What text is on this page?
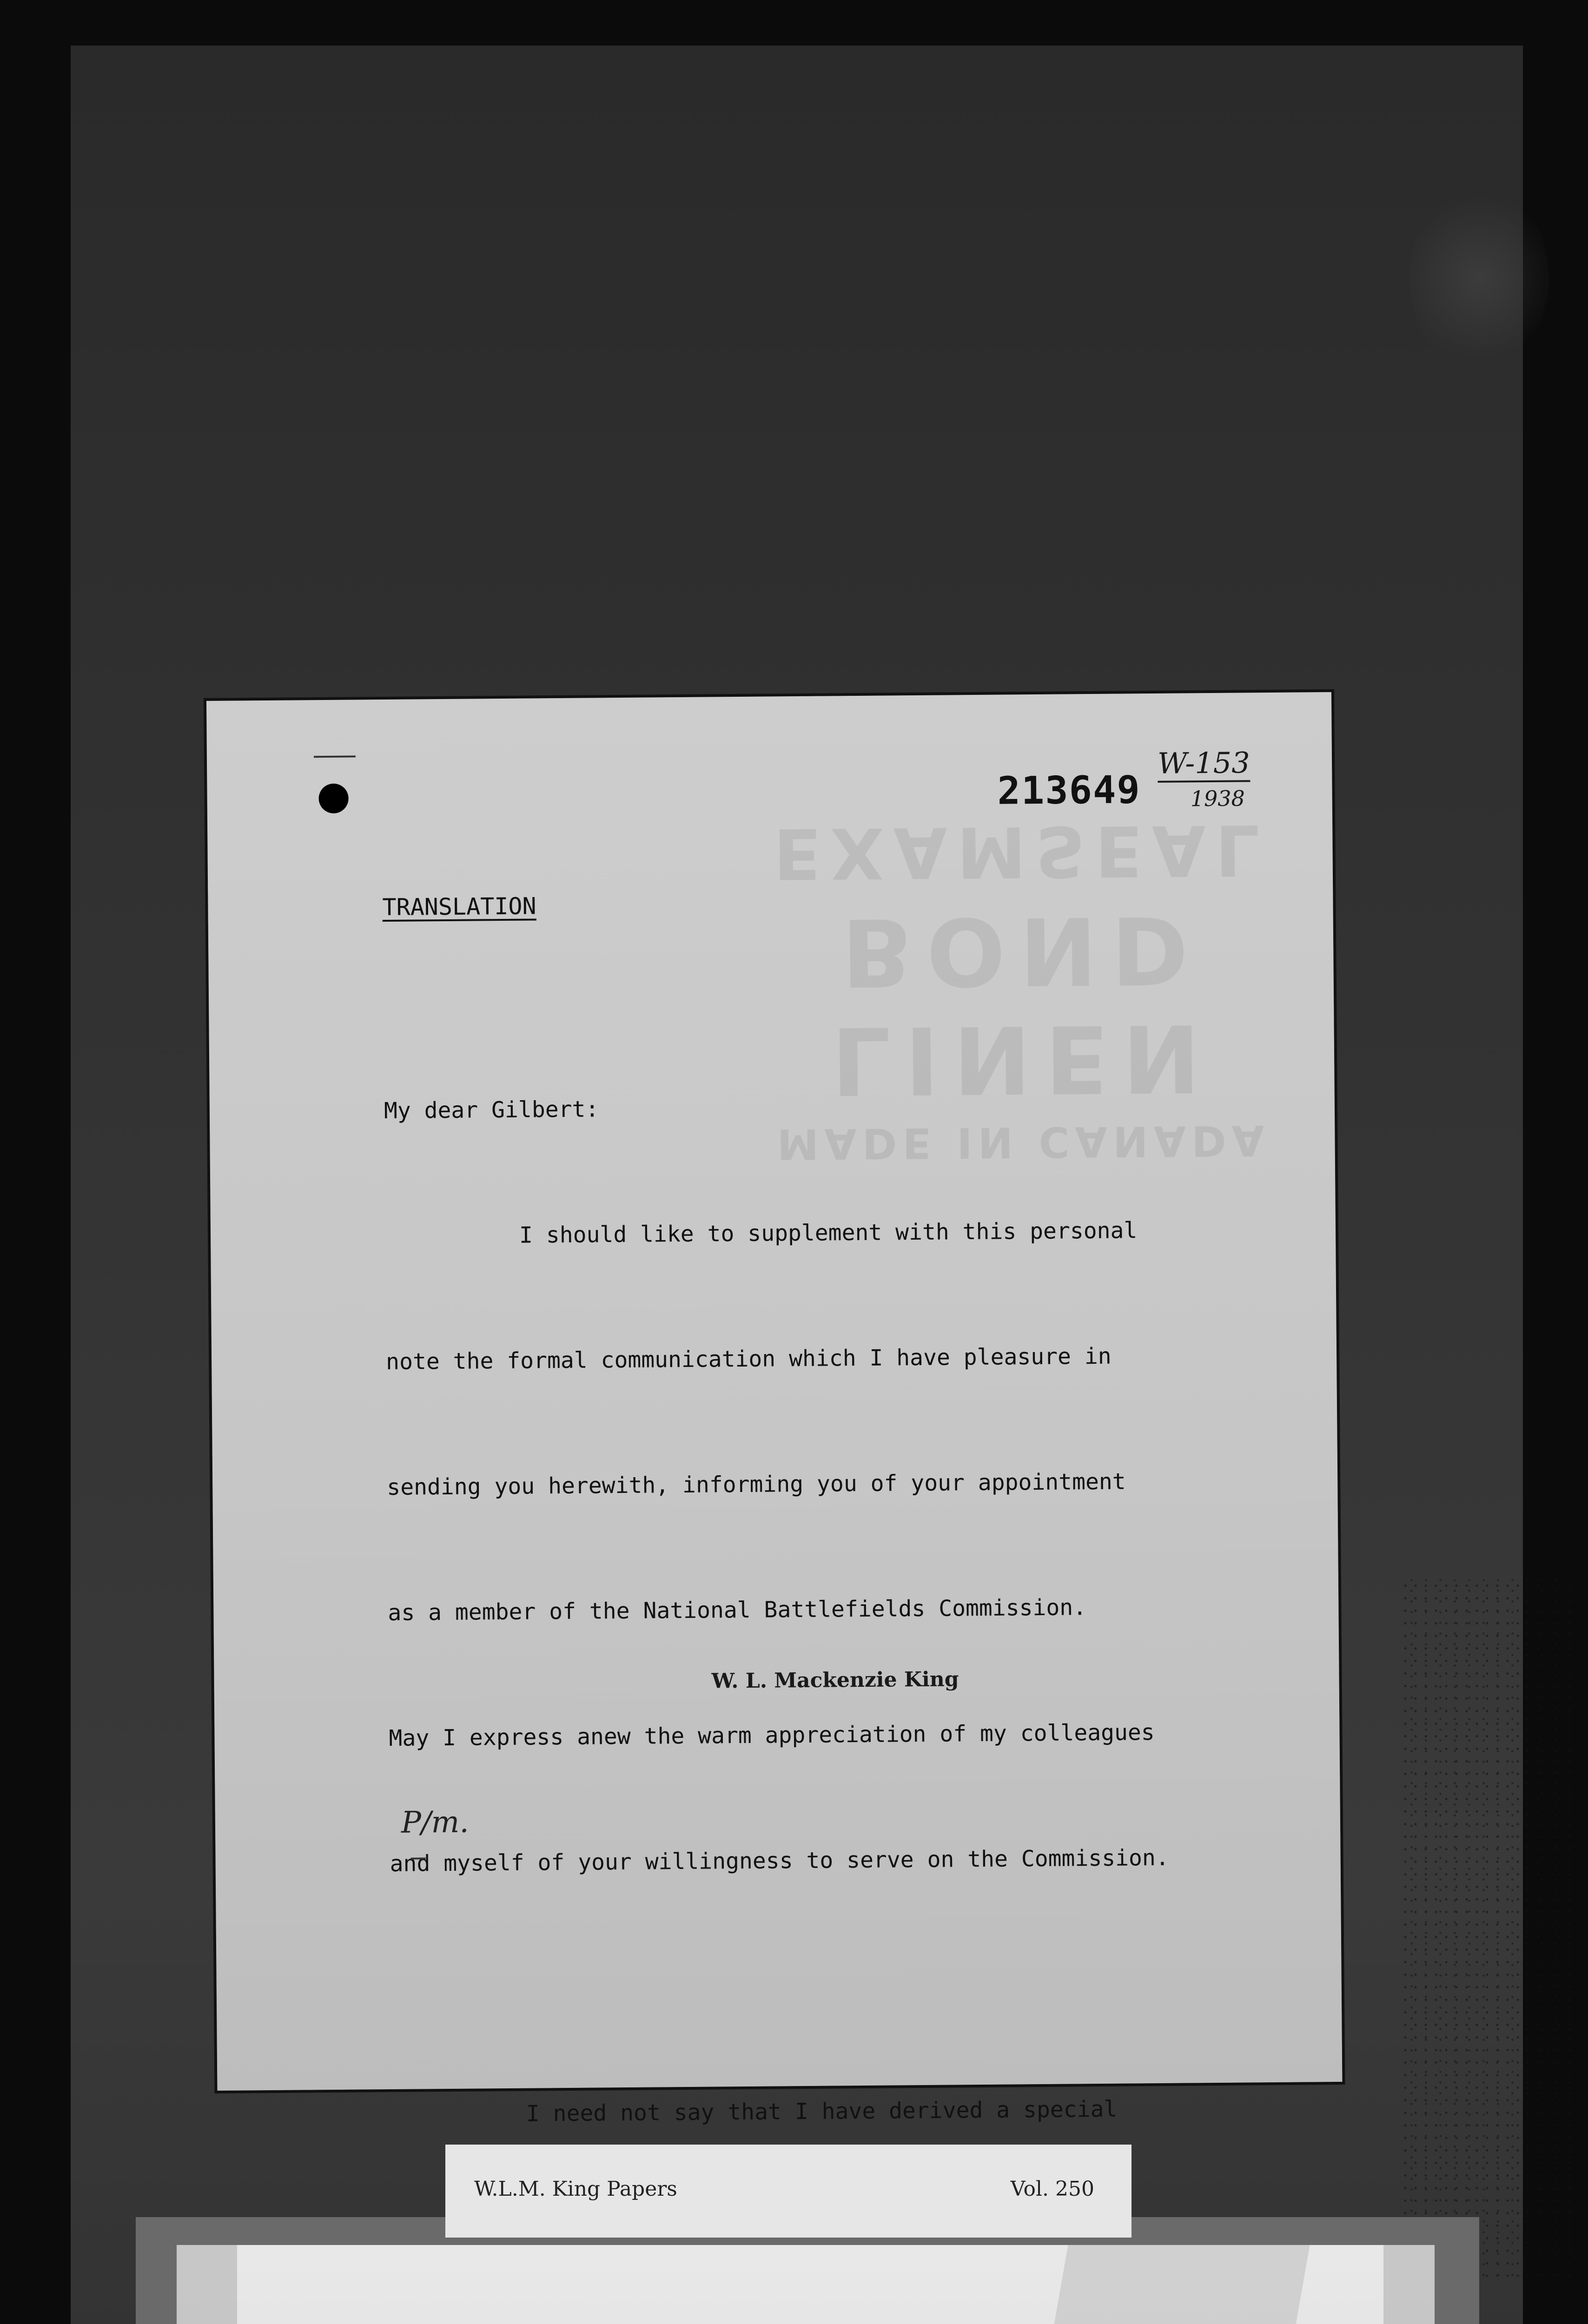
MADE IN CANADA
LINEN BOND
EXAMSEAL
213649
W-153
1938
TRANSLATION

My dear Gilbert:

I should like to supplement with this personal

note the formal communication which I have pleasure in

sending you herewith, informing you of your appointment

as a member of the National Battlefields Commission.

May I express anew the warm appreciation of my colleagues

and myself of your willingness to serve on the Commission.

I need not say that I have derived a special

W. L. Mackenzie King
P/m.
W.L.M. King Papers	Vol. 250
